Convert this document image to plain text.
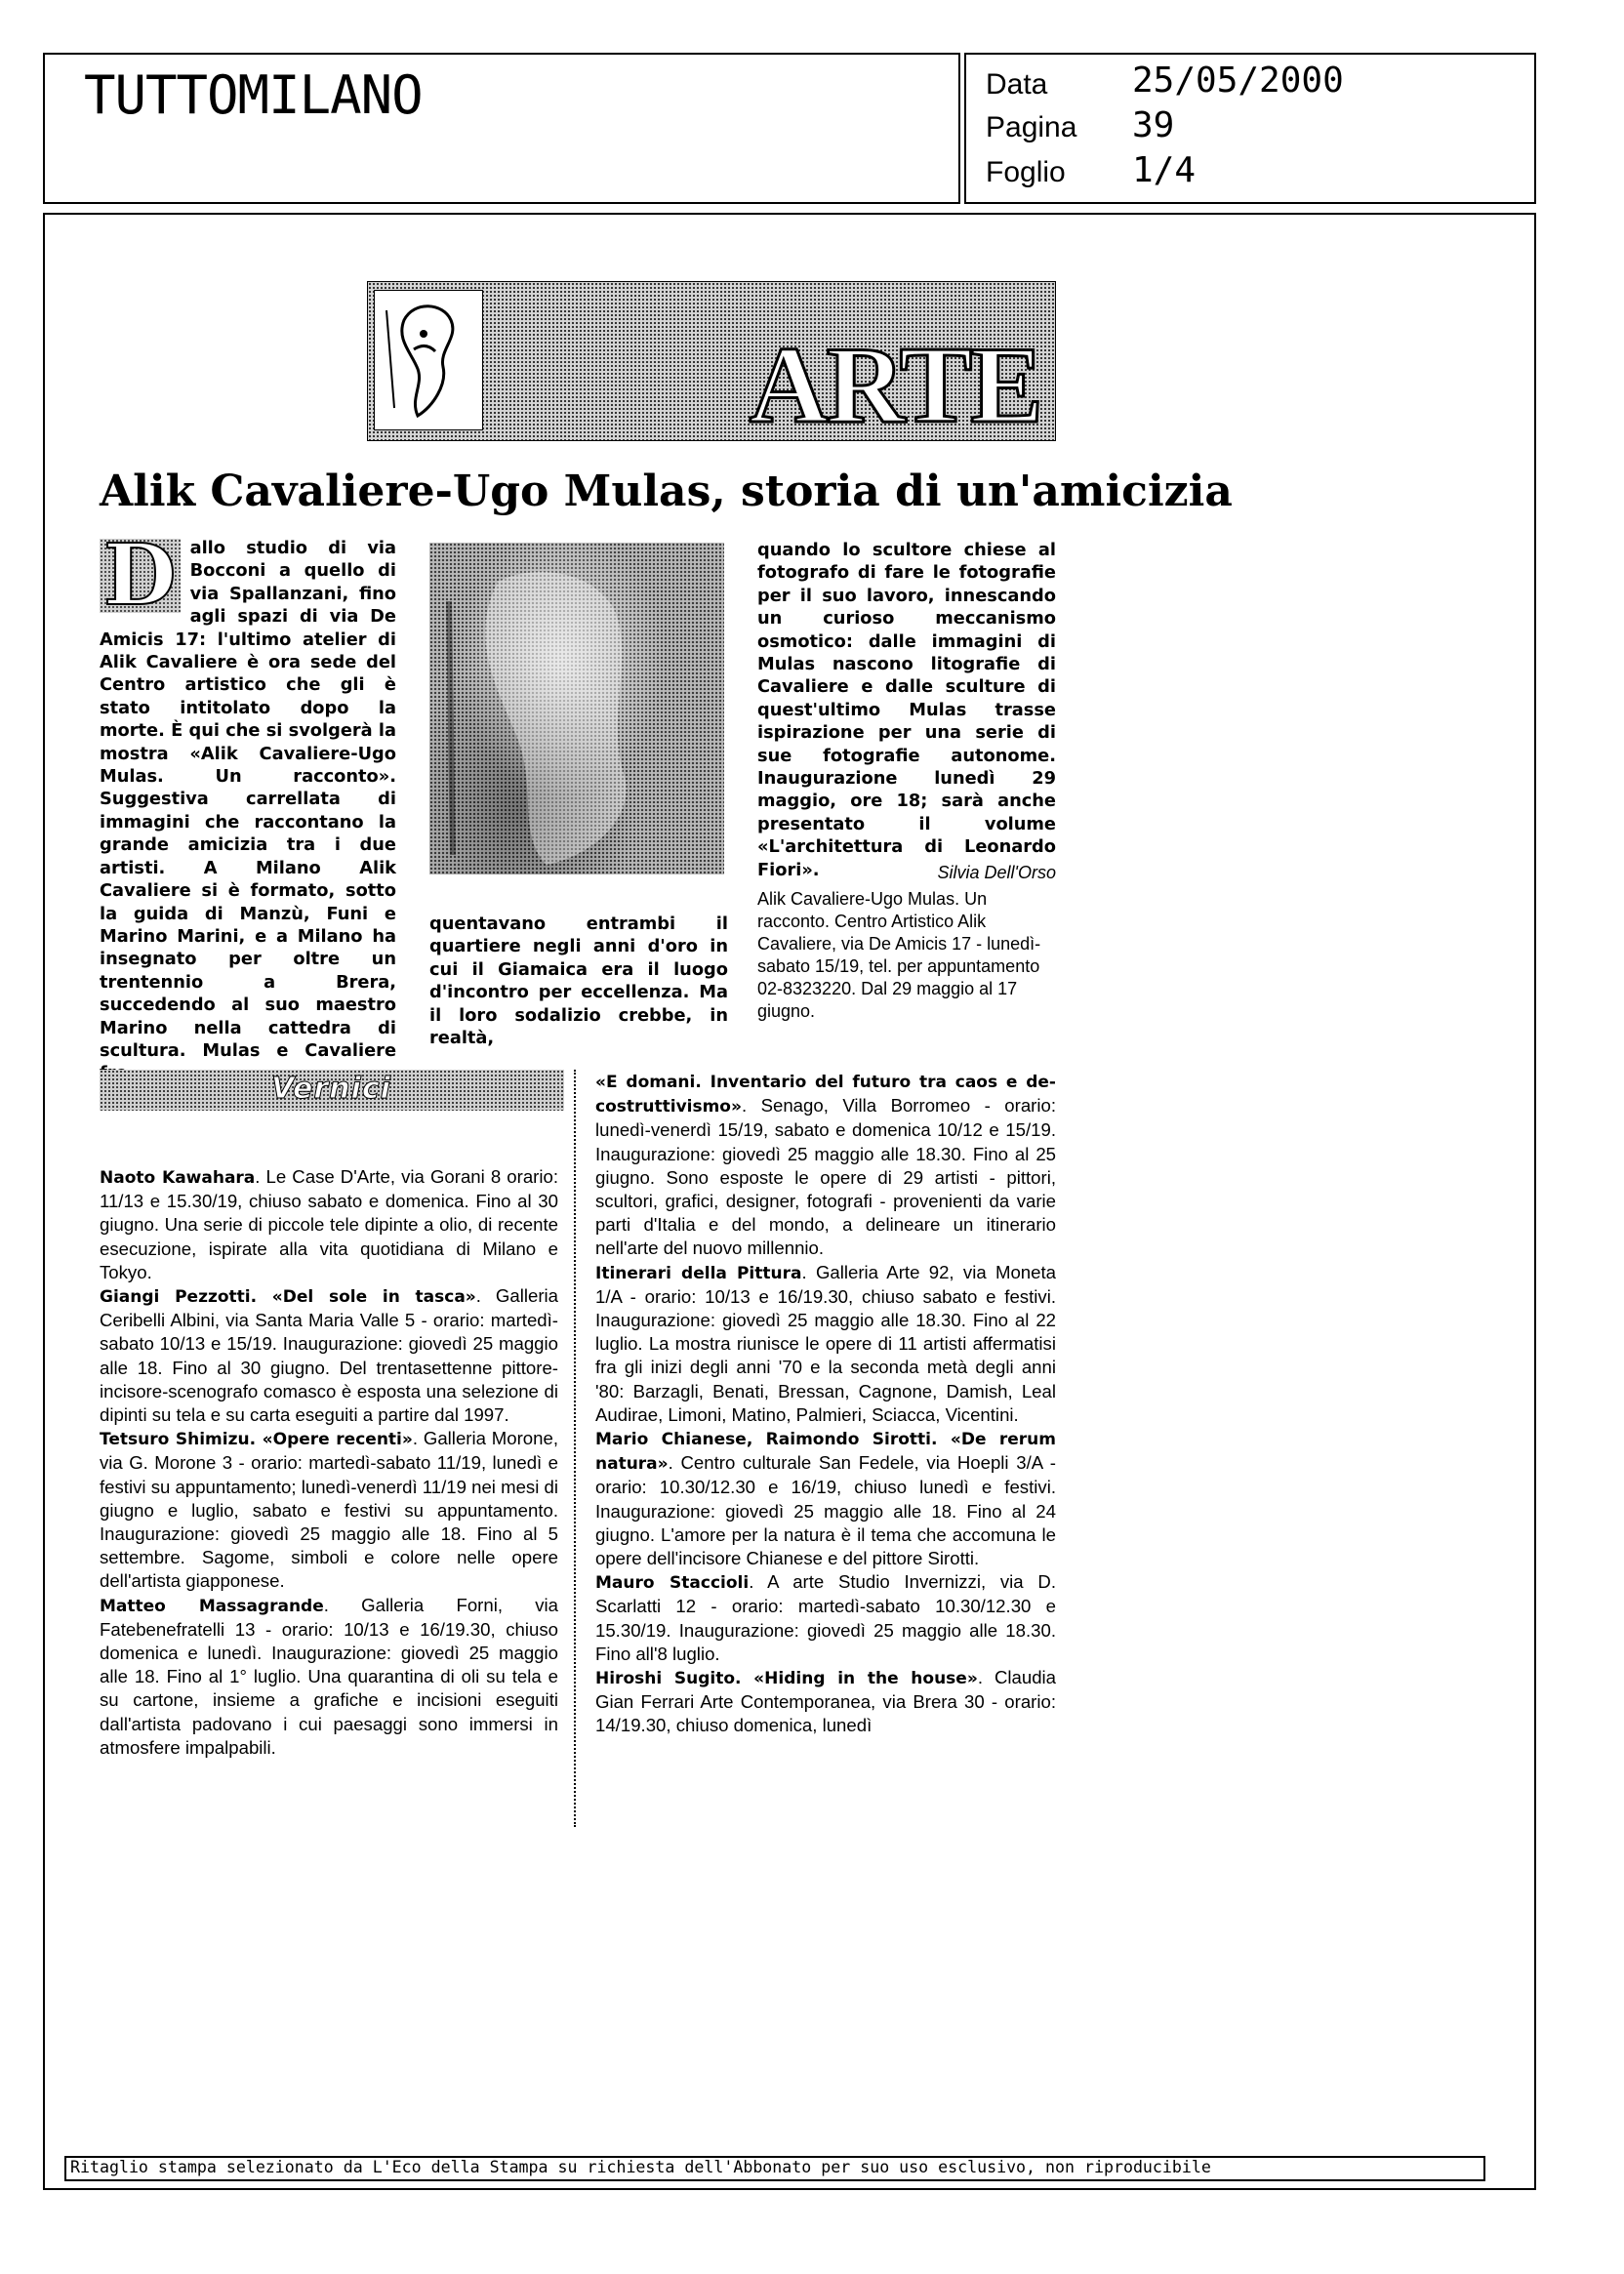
TUTTOMILANO	Data 25/05/2000
Pagina 39
Foglio 1/4
ARTE
Alik Cavaliere-Ugo Mulas, storia di un'amicizia
D allo studio di via Bocconi a quello di via Spallanzani, fino agli spazi di via De Amicis 17: l'ultimo atelier di Alik Cavaliere è ora sede del Centro artistico che gli è stato intitolato dopo la morte. È qui che si svolgerà la mostra «Alik Cavaliere-Ugo Mulas. Un racconto». Suggestiva carrellata di immagini che raccontano la grande amicizia tra i due artisti. A Milano Alik Cavaliere si è formato, sotto la guida di Manzù, Funi e Marino Marini, e a Milano ha insegnato per oltre un trentennio a Brera, succedendo al suo maestro Marino nella cattedra di scultura. Mulas e Cavaliere
quentavano entrambi il quartiere negli anni d'oro in cui il Giamaica era il luogo d'incontro per eccellenza. Ma il loro sodalizio crebbe, in realtà,
quando lo scultore chiese al fotografo di fare le fotografie per il suo lavoro, innescando un curioso meccanismo osmotico: dalle immagini di Mulas nascono litografie di Cavaliere e dalle sculture di quest'ultimo Mulas trasse ispirazione per una serie di sue fotografie autonome. Inaugurazione lunedì 29 maggio, ore 18; sarà anche presentato il volume «L'architettura di Leonardo Fiori».	Silvia Dell'Orso
Alik Cavaliere-Ugo Mulas. Un racconto. Centro Artistico Alik Cavaliere, via De Amicis 17 - lunedì-sabato 15/19, tel. per appuntamento 02-8323220. Dal 29 maggio al 17 giugno.
Vernici
Naoto Kawahara. Le Case D'Arte, via Gorani 8 orario: 11/13 e 15.30/19, chiuso sabato e domenica. Fino al 30 giugno. Una serie di piccole tele dipinte a olio, di recente esecuzione, ispirate alla vita quotidiana di Milano e Tokyo.
Giangi Pezzotti. «Del sole in tasca». Galleria Ceribelli Albini, via Santa Maria Valle 5 - orario: martedì-sabato 10/13 e 15/19. Inaugurazione: giovedì 25 maggio alle 18. Fino al 30 giugno. Del trentasettenne pittore-incisore-scenografo comasco è esposta una selezione di dipinti su tela e su carta eseguiti a partire dal 1997.
Tetsuro Shimizu. «Opere recenti». Galleria Morone, via G. Morone 3 - orario: martedì-sabato 11/19, lunedì e festivi su appuntamento; lunedì-venerdì 11/19 nei mesi di giugno e luglio, sabato e festivi su appuntamento. Inaugurazione: giovedì 25 maggio alle 18. Fino al 5 settembre. Sagome, simboli e colore nelle opere dell'artista giapponese.
Matteo Massagrande. Galleria Forni, via Fatebenefratelli 13 - orario: 10/13 e 16/19.30, chiuso domenica e lunedì. Inaugurazione: giovedì 25 maggio alle 18. Fino al 1° luglio. Una quarantina di oli su tela e su cartone, insieme a grafiche e incisioni eseguiti dall'artista padovano i cui paesaggi sono immersi in atmosfere impalpabili.
«E domani. Inventario del futuro tra caos e de-costruttivismo». Senago, Villa Borromeo - orario: lunedì-venerdì 15/19, sabato e domenica 10/12 e 15/19. Inaugurazione: giovedì 25 maggio alle 18.30. Fino al 25 giugno. Sono esposte le opere di 29 artisti - pittori, scultori, grafici, designer, fotografi - provenienti da varie parti d'Italia e del mondo, a delineare un itinerario nell'arte del nuovo millennio.
Itinerari della Pittura. Galleria Arte 92, via Moneta 1/A - orario: 10/13 e 16/19.30, chiuso sabato e festivi. Inaugurazione: giovedì 25 maggio alle 18.30. Fino al 22 luglio. La mostra riunisce le opere di 11 artisti affermatisi fra gli inizi degli anni '70 e la seconda metà degli anni '80: Barzagli, Benati, Bressan, Cagnone, Damish, Leal Audirae, Limoni, Matino, Palmieri, Sciacca, Vicentini.
Mario Chianese, Raimondo Sirotti. «De rerum natura». Centro culturale San Fedele, via Hoepli 3/A - orario: 10.30/12.30 e 16/19, chiuso lunedì e festivi. Inaugurazione: giovedì 25 maggio alle 18. Fino al 24 giugno. L'amore per la natura è il tema che accomuna le opere dell'incisore Chianese e del pittore Sirotti.
Mauro Staccioli. A arte Studio Invernizzi, via D. Scarlatti 12 - orario: martedì-sabato 10.30/12.30 e 15.30/19. Inaugurazione: giovedì 25 maggio alle 18.30. Fino all'8 luglio.
Hiroshi Sugito. «Hiding in the house». Claudia Gian Ferrari Arte Contemporanea, via Brera 30 - orario: 14/19.30, chiuso domenica, lunedì
Ritaglio stampa selezionato da L'Eco della Stampa su richiesta dell'Abbonato per suo uso esclusivo, non riproducibile
